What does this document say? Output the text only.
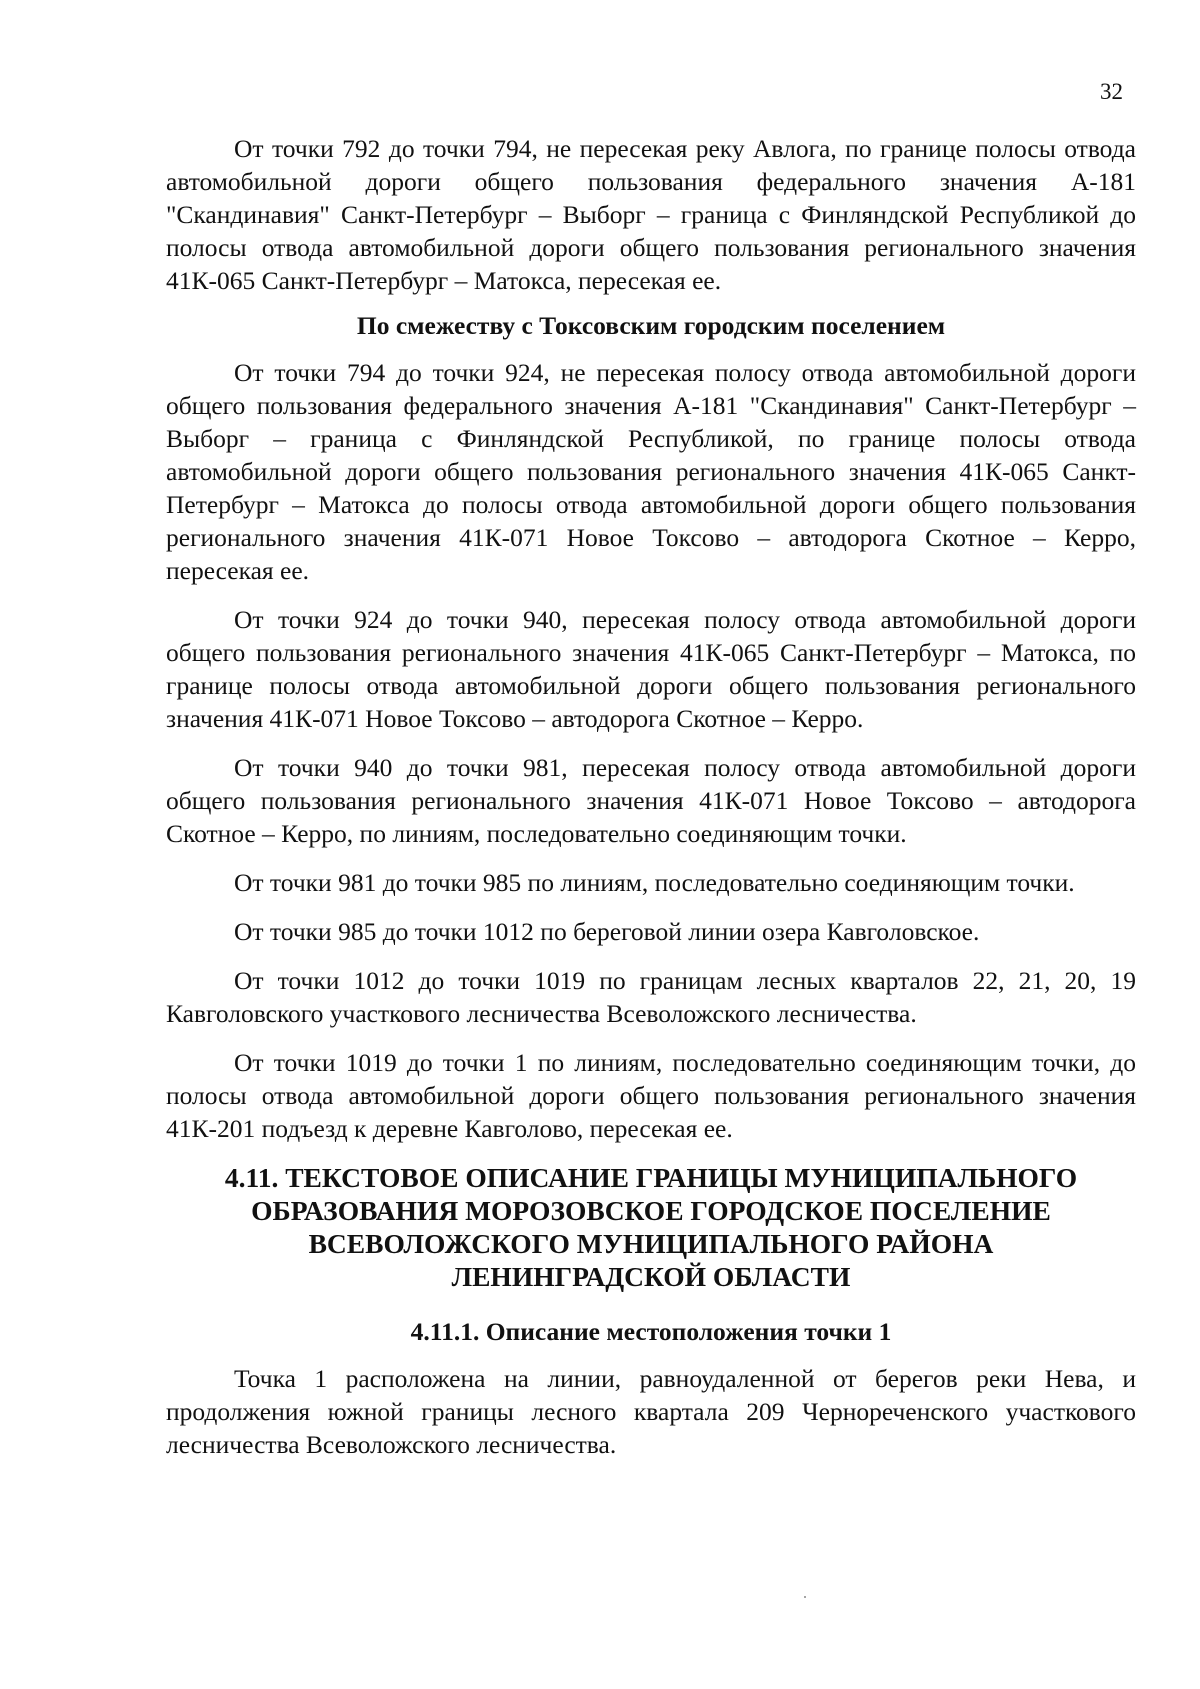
32

От точки 792 до точки 794, не пересекая реку Авлога, по границе полосы отвода автомобильной дороги общего пользования федерального значения А-181 "Скандинавия" Санкт-Петербург – Выборг – граница с Финляндской Республикой до полосы отвода автомобильной дороги общего пользования регионального значения 41К-065 Санкт-Петербург – Матокса, пересекая ее.

По смежеству с Токсовским городским поселением

От точки 794 до точки 924, не пересекая полосу отвода автомобильной дороги общего пользования федерального значения А-181 "Скандинавия" Санкт-Петербург – Выборг – граница с Финляндской Республикой, по границе полосы отвода автомобильной дороги общего пользования регионального значения 41К-065 Санкт-Петербург – Матокса до полосы отвода автомобильной дороги общего пользования регионального значения 41К-071 Новое Токсово – автодорога Скотное – Керро, пересекая ее.

От точки 924 до точки 940, пересекая полосу отвода автомобильной дороги общего пользования регионального значения 41К-065 Санкт-Петербург – Матокса, по границе полосы отвода автомобильной дороги общего пользования регионального значения 41К-071 Новое Токсово – автодорога Скотное – Керро.

От точки 940 до точки 981, пересекая полосу отвода автомобильной дороги общего пользования регионального значения 41К-071 Новое Токсово – автодорога Скотное – Керро, по линиям, последовательно соединяющим точки.

От точки 981 до точки 985 по линиям, последовательно соединяющим точки.

От точки 985 до точки 1012 по береговой линии озера Кавголовское.

От точки 1012 до точки 1019 по границам лесных кварталов 22, 21, 20, 19 Кавголовского участкового лесничества Всеволожского лесничества.

От точки 1019 до точки 1 по линиям, последовательно соединяющим точки, до полосы отвода автомобильной дороги общего пользования регионального значения 41К-201 подъезд к деревне Кавголово, пересекая ее.

4.11. ТЕКСТОВОЕ ОПИСАНИЕ ГРАНИЦЫ МУНИЦИПАЛЬНОГО
ОБРАЗОВАНИЯ МОРОЗОВСКОЕ ГОРОДСКОЕ ПОСЕЛЕНИЕ
ВСЕВОЛОЖСКОГО МУНИЦИПАЛЬНОГО РАЙОНА
ЛЕНИНГРАДСКОЙ ОБЛАСТИ
4.11.1. Описание местоположения точки 1

Точка 1 расположена на линии, равноудаленной от берегов реки Нева, и продолжения южной границы лесного квартала 209 Чернореченского участкового лесничества Всеволожского лесничества.
